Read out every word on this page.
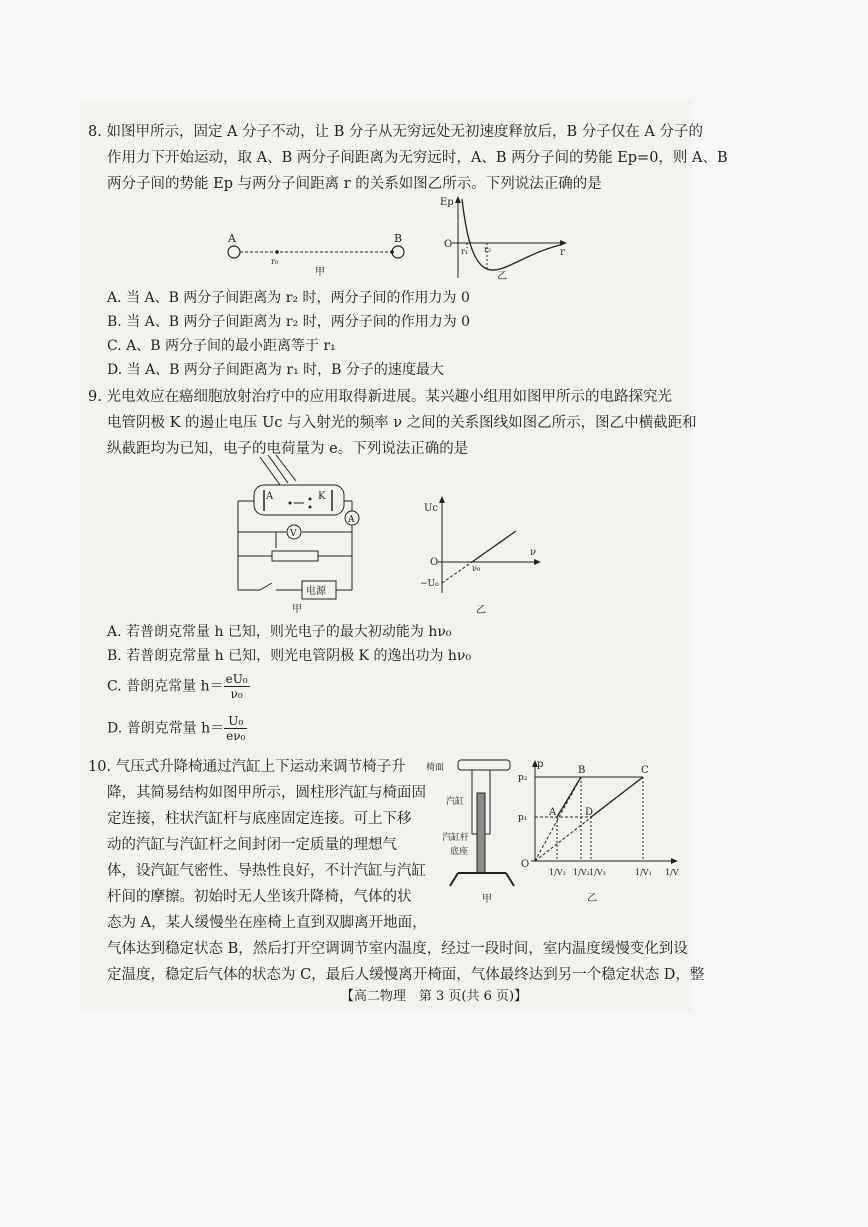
8. 如图甲所示，固定 A 分子不动，让 B 分子从无穷远处无初速度释放后，B 分子仅在 A 分子的
作用力下开始运动，取 A、B 两分子间距离为无穷远时，A、B 两分子间的势能 Ep=0，则 A、B
两分子间的势能 Ep 与两分子间距离 r 的关系如图乙所示。下列说法正确的是
A	B
r₀
甲
Ep
O
r₁ r₂	r
乙
A. 当 A、B 两分子间距离为 r₂ 时，两分子间的作用力为 0
B. 当 A、B 两分子间距离为 r₂ 时，两分子间的作用力为 0
C. A、B 两分子间的最小距离等于 r₁
D. 当 A、B 两分子间距离为 r₁ 时，B 分子的速度最大
9. 光电效应在癌细胞放射治疗中的应用取得新进展。某兴趣小组用如图甲所示的电路探究光
电管阴极 K 的遏止电压 Uc 与入射光的频率 ν 之间的关系图线如图乙所示，图乙中横截距和
纵截距均为已知，电子的电荷量为 e。下列说法正确的是
A	K
A
V
电源
甲
Uc
O
ν₀
ν
−U₀
乙
A. 若普朗克常量 h 已知，则光电子的最大初动能为 hν₀
B. 若普朗克常量 h 已知，则光电管阴极 K 的逸出功为 hν₀
C. 普朗克常量 $h= \frac{\text{eU₀}}{\text{ν₀}}$
D. 普朗克常量 $h= \frac{\text{U₀}}{\text{eν₀}}$
10. 气压式升降椅通过汽缸上下运动来调节椅子升
降，其简易结构如图甲所示，圆柱形汽缸与椅面固
定连接，柱状汽缸杆与底座固定连接。可上下移
动的汽缸与汽缸杆之间封闭一定质量的理想气
体，设汽缸气密性、导热性良好，不计汽缸与汽缸
杆间的摩擦。初始时无人坐该升降椅，气体的状
态为 A，某人缓慢坐在座椅上直到双脚离开地面，
气体达到稳定状态 B，然后打开空调调节室内温度，经过一段时间，室内温度缓慢变化到设
定温度，稳定后气体的状态为 C，最后人缓慢离开椅面，气体最终达到另一个稳定状态 D，整
椅面
汽缸
汽缸杆
底座
甲
p
p₂
p₁
O
A
B	C
D
1/V₂ 1/V₂ 1/V₃	1/V₁ 1/V
乙
【高二物理　第 3 页(共 6 页)】
